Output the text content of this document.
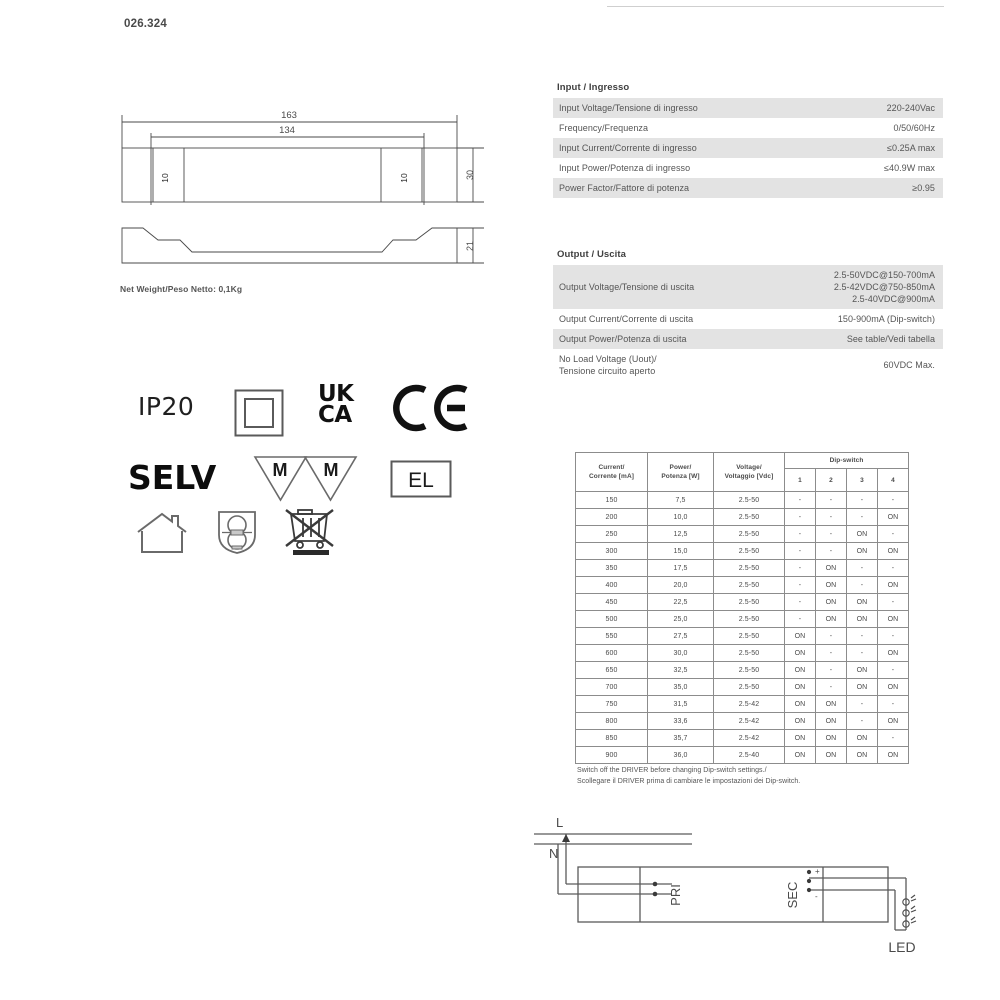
026.324
163
134
30
21
10	10
Net Weight/Peso Netto: 0,1Kg
IP20	UK
CA
SELV	M M	EL
Input / Ingresso
Input Voltage/Tensione di ingresso	220-240Vac
Frequency/Frequenza	0/50/60Hz
Input Current/Corrente di ingresso	≤0.25A max
Input Power/Potenza di ingresso	≤40.9W max
Power Factor/Fattore di potenza	≥0.95
Output / Uscita
Output Voltage/Tensione di uscita	2.5-50VDC@150-700mA
2.5-42VDC@750-850mA
2.5-40VDC@900mA
Output Current/Corrente di uscita	150-900mA (Dip-switch)
Output Power/Potenza di uscita	See table/Vedi tabella
No Load Voltage (Uout)/
Tensione circuito aperto	60VDC Max.
Current/
Corrente [mA]	Power/
Potenza [W]	Voltage/
Voltaggio [Vdc]	Dip-switch			
			1	2	3	4
150	7,5	2.5-50	-	-	-	-
200	10,0	2.5-50	-	-	-	ON
250	12,5	2.5-50	-	-	ON	-
300	15,0	2.5-50	-	-	ON	ON
350	17,5	2.5-50	-	ON	-	-
400	20,0	2.5-50	-	ON	-	ON
450	22,5	2.5-50	-	ON	ON	-
500	25,0	2.5-50	-	ON	ON	ON
550	27,5	2.5-50	ON	-	-	-
600	30,0	2.5-50	ON	-	-	ON
650	32,5	2.5-50	ON	-	ON	-
700	35,0	2.5-50	ON	-	ON	ON
750	31,5	2.5-42	ON	ON	-	-
800	33,6	2.5-42	ON	ON	-	ON
850	35,7	2.5-42	ON	ON	ON	-
900	36,0	2.5-40	ON	ON	ON	ON
Switch off the DRIVER before changing Dip-switch settings./
Scollegare il DRIVER prima di cambiare le impostazioni dei Dip-switch.
L
N
PRI	SEC
+
-
LED
